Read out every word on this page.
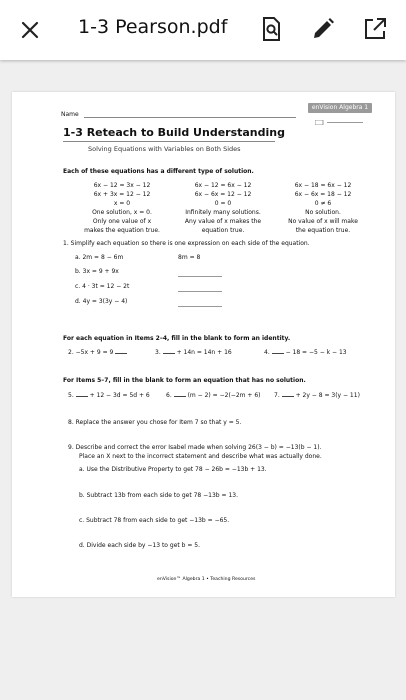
1-3 Pearson.pdf
enVision Algebra 1
Name
1-3 Reteach to Build Understanding
Solving Equations with Variables on Both Sides
Each of these equations has a different type of solution.
6x − 12 = 3x − 12
6x + 3x = 12 − 12
x = 0
One solution, x = 0.
Only one value of x
makes the equation true.
6x − 12 = 6x − 12
6x − 6x = 12 − 12
0 = 0
Infinitely many solutions.
Any value of x makes the
equation true.
6x − 18 = 6x − 12
6x − 6x = 18 − 12
0 ≠ 6
No solution.
No value of x will make
the equation true.
1. Simplify each equation so there is one expression on each side of the equation.
a. 2m = 8 − 6m	8m = 8
b. 3x = 9 + 9x
c. 4 · 3t = 12 − 2t
d. 4y = 3(3y − 4)
For each equation in Items 2–4, fill in the blank to form an identity.
2. −5x + 9 = 9	3.	+ 14n = 14n + 16	4.	− 18 = −5 − k − 13
For Items 5–7, fill in the blank to form an equation that has no solution.
5.	+ 12 − 3d = 5d + 6	6.	(m − 2) = −2(−2m + 6) 7.	+ 2y − 8 = 3(y − 11)
8. Replace the answer you chose for Item 7 so that y = 5.
9. Describe and correct the error Isabel made when solving 26(3 − b) = −13(b − 1).
Place an X next to the incorrect statement and describe what was actually done.
a. Use the Distributive Property to get 78 − 26b = −13b + 13.
b. Subtract 13b from each side to get 78 −13b = 13.
c. Subtract 78 from each side to get −13b = −65.
d. Divide each side by −13 to get b = 5.
enVision™ Algebra 1 • Teaching Resources
